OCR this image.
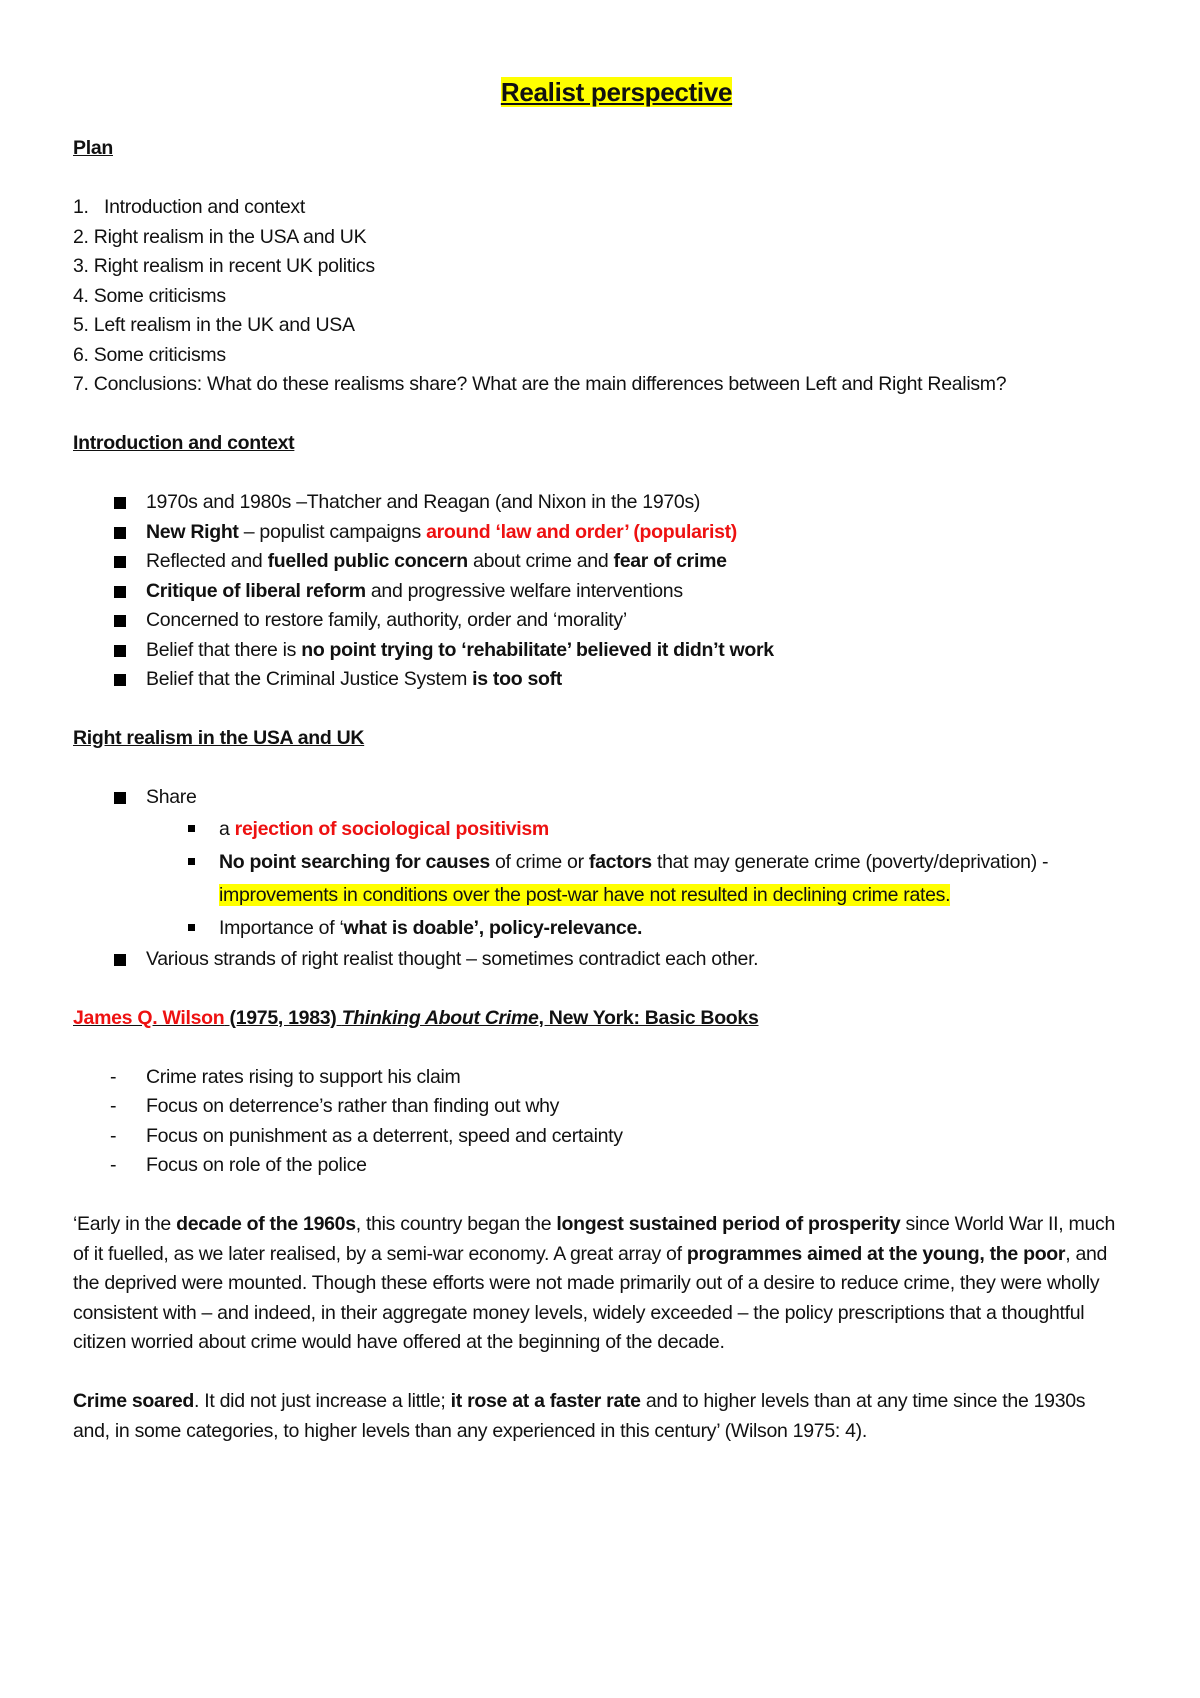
Realist perspective

Plan

1.   Introduction and context

2. Right realism in the USA and UK

3. Right realism in recent UK politics

4. Some criticisms

5. Left realism in the UK and USA

6. Some criticisms

7. Conclusions: What do these realisms share? What are the main differences between Left and Right Realism?

Introduction and context

1970s and 1980s –Thatcher and Reagan (and Nixon in the 1970s)
New Right – populist campaigns around ‘law and order’ (popularist)
Reflected and fuelled public concern about crime and fear of crime
Critique of liberal reform and progressive welfare interventions
Concerned to restore family, authority, order and ‘morality’
Belief that there is no point trying to ‘rehabilitate’ believed it didn’t work
Belief that the Criminal Justice System is too soft

Right realism in the USA and UK

Share
a rejection of sociological positivism
No point searching for causes of crime or factors that may generate crime (poverty/deprivation) - improvements in conditions over the post-war have not resulted in declining crime rates.
Importance of ‘what is doable’, policy-relevance.
Various strands of right realist thought – sometimes contradict each other.

James Q. Wilson (1975, 1983) Thinking About Crime, New York: Basic Books

- Crime rates rising to support his claim
- Focus on deterrence’s rather than finding out why
- Focus on punishment as a deterrent, speed and certainty
- Focus on role of the police

‘Early in the decade of the 1960s, this country began the longest sustained period of prosperity since World War II, much of it fuelled, as we later realised, by a semi-war economy. A great array of programmes aimed at the young, the poor, and the deprived were mounted. Though these efforts were not made primarily out of a desire to reduce crime, they were wholly consistent with – and indeed, in their aggregate money levels, widely exceeded – the policy prescriptions that a thoughtful citizen worried about crime would have offered at the beginning of the decade.

Crime soared. It did not just increase a little; it rose at a faster rate and to higher levels than at any time since the 1930s and, in some categories, to higher levels than any experienced in this century’ (Wilson 1975: 4).
